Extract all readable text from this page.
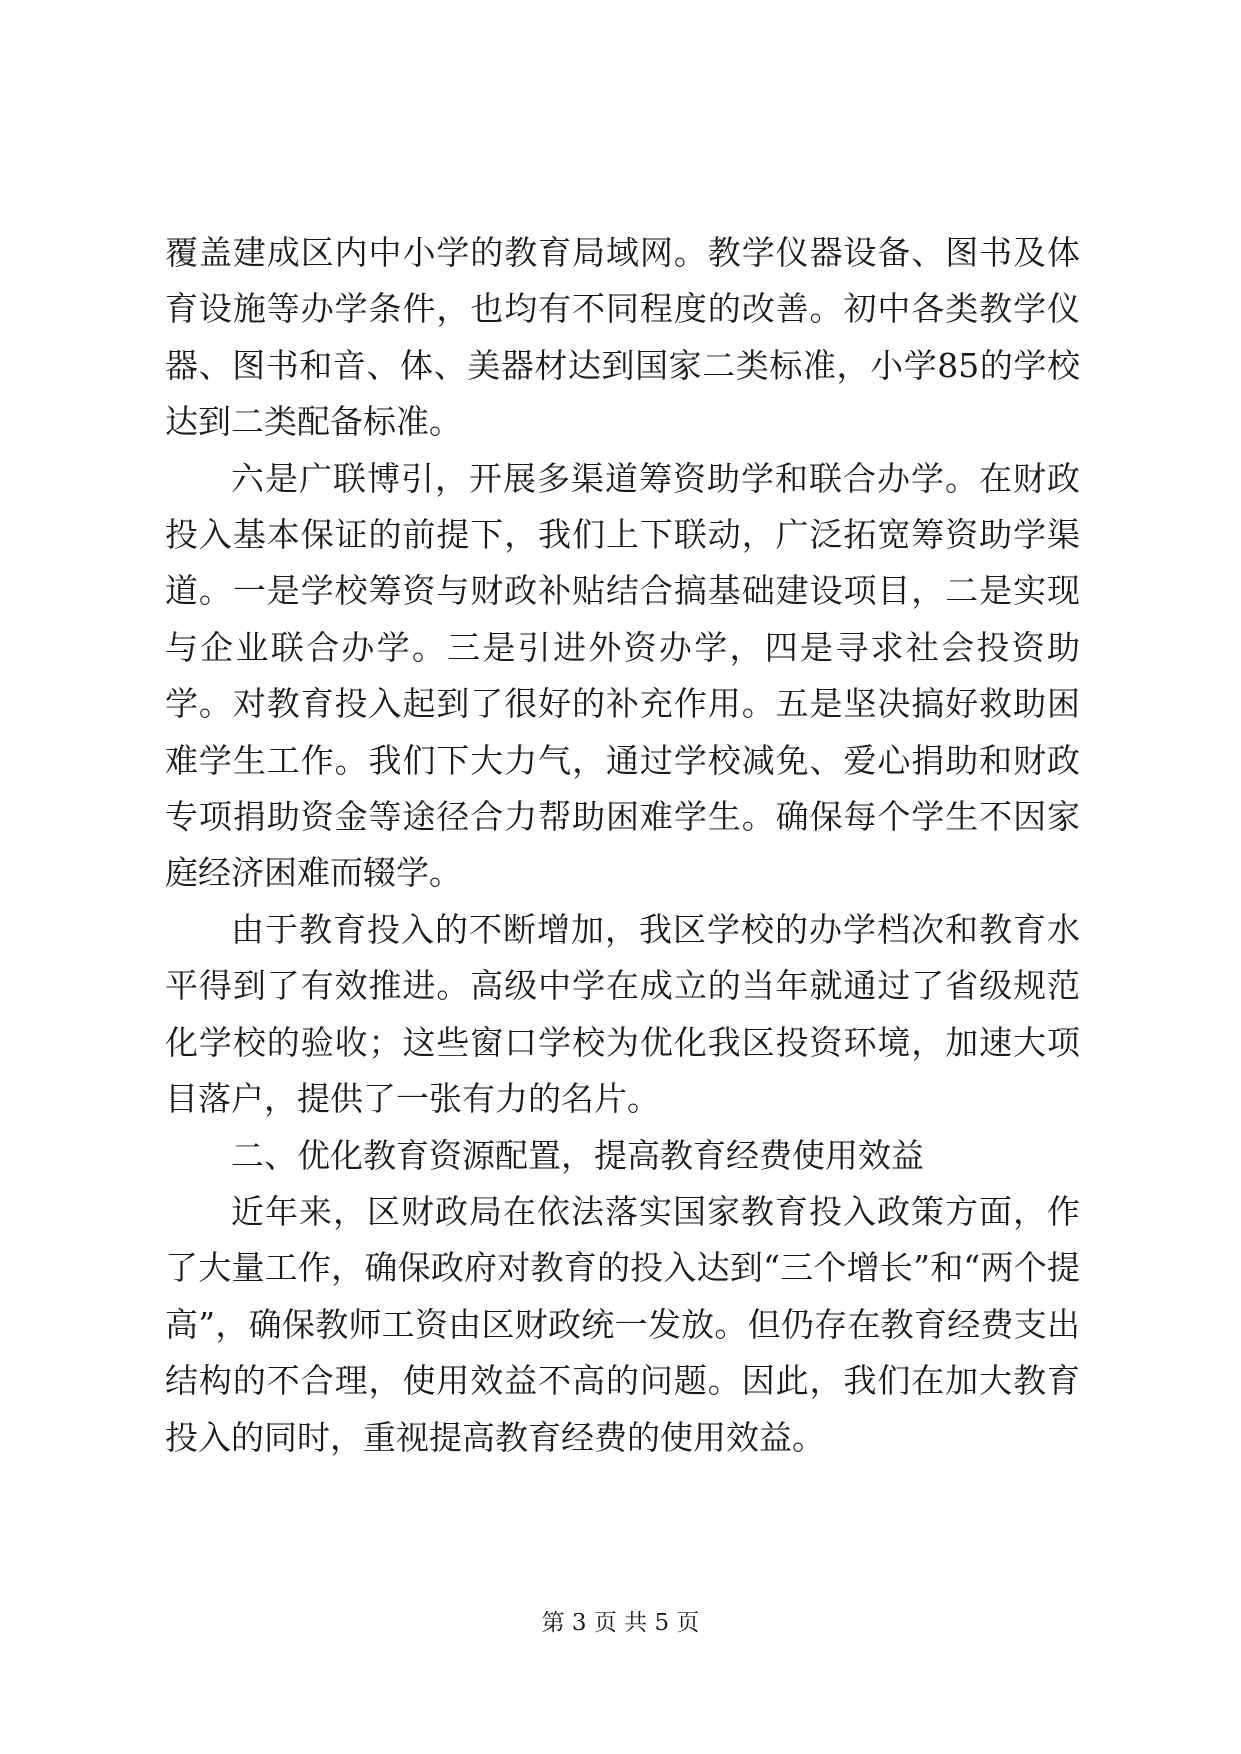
覆盖建成区内中小学的教育局域网。教学仪器设备、图书及体育设施等办学条件，也均有不同程度的改善。初中各类教学仪器、图书和音、体、美器材达到国家二类标准，小学85的学校达到二类配备标准。

六是广联博引，开展多渠道筹资助学和联合办学。在财政投入基本保证的前提下，我们上下联动，广泛拓宽筹资助学渠道。一是学校筹资与财政补贴结合搞基础建设项目，二是实现与企业联合办学。三是引进外资办学，四是寻求社会投资助学。对教育投入起到了很好的补充作用。五是坚决搞好救助困难学生工作。我们下大力气，通过学校减免、爱心捐助和财政专项捐助资金等途径合力帮助困难学生。确保每个学生不因家庭经济困难而辍学。

由于教育投入的不断增加，我区学校的办学档次和教育水平得到了有效推进。高级中学在成立的当年就通过了省级规范化学校的验收；这些窗口学校为优化我区投资环境，加速大项目落户，提供了一张有力的名片。

二、优化教育资源配置，提高教育经费使用效益

近年来，区财政局在依法落实国家教育投入政策方面，作了大量工作，确保政府对教育的投入达到“三个增长”和“两个提高”，确保教师工资由区财政统一发放。但仍存在教育经费支出结构的不合理，使用效益不高的问题。因此，我们在加大教育投入的同时，重视提高教育经费的使用效益。

第 3 页 共 5 页
